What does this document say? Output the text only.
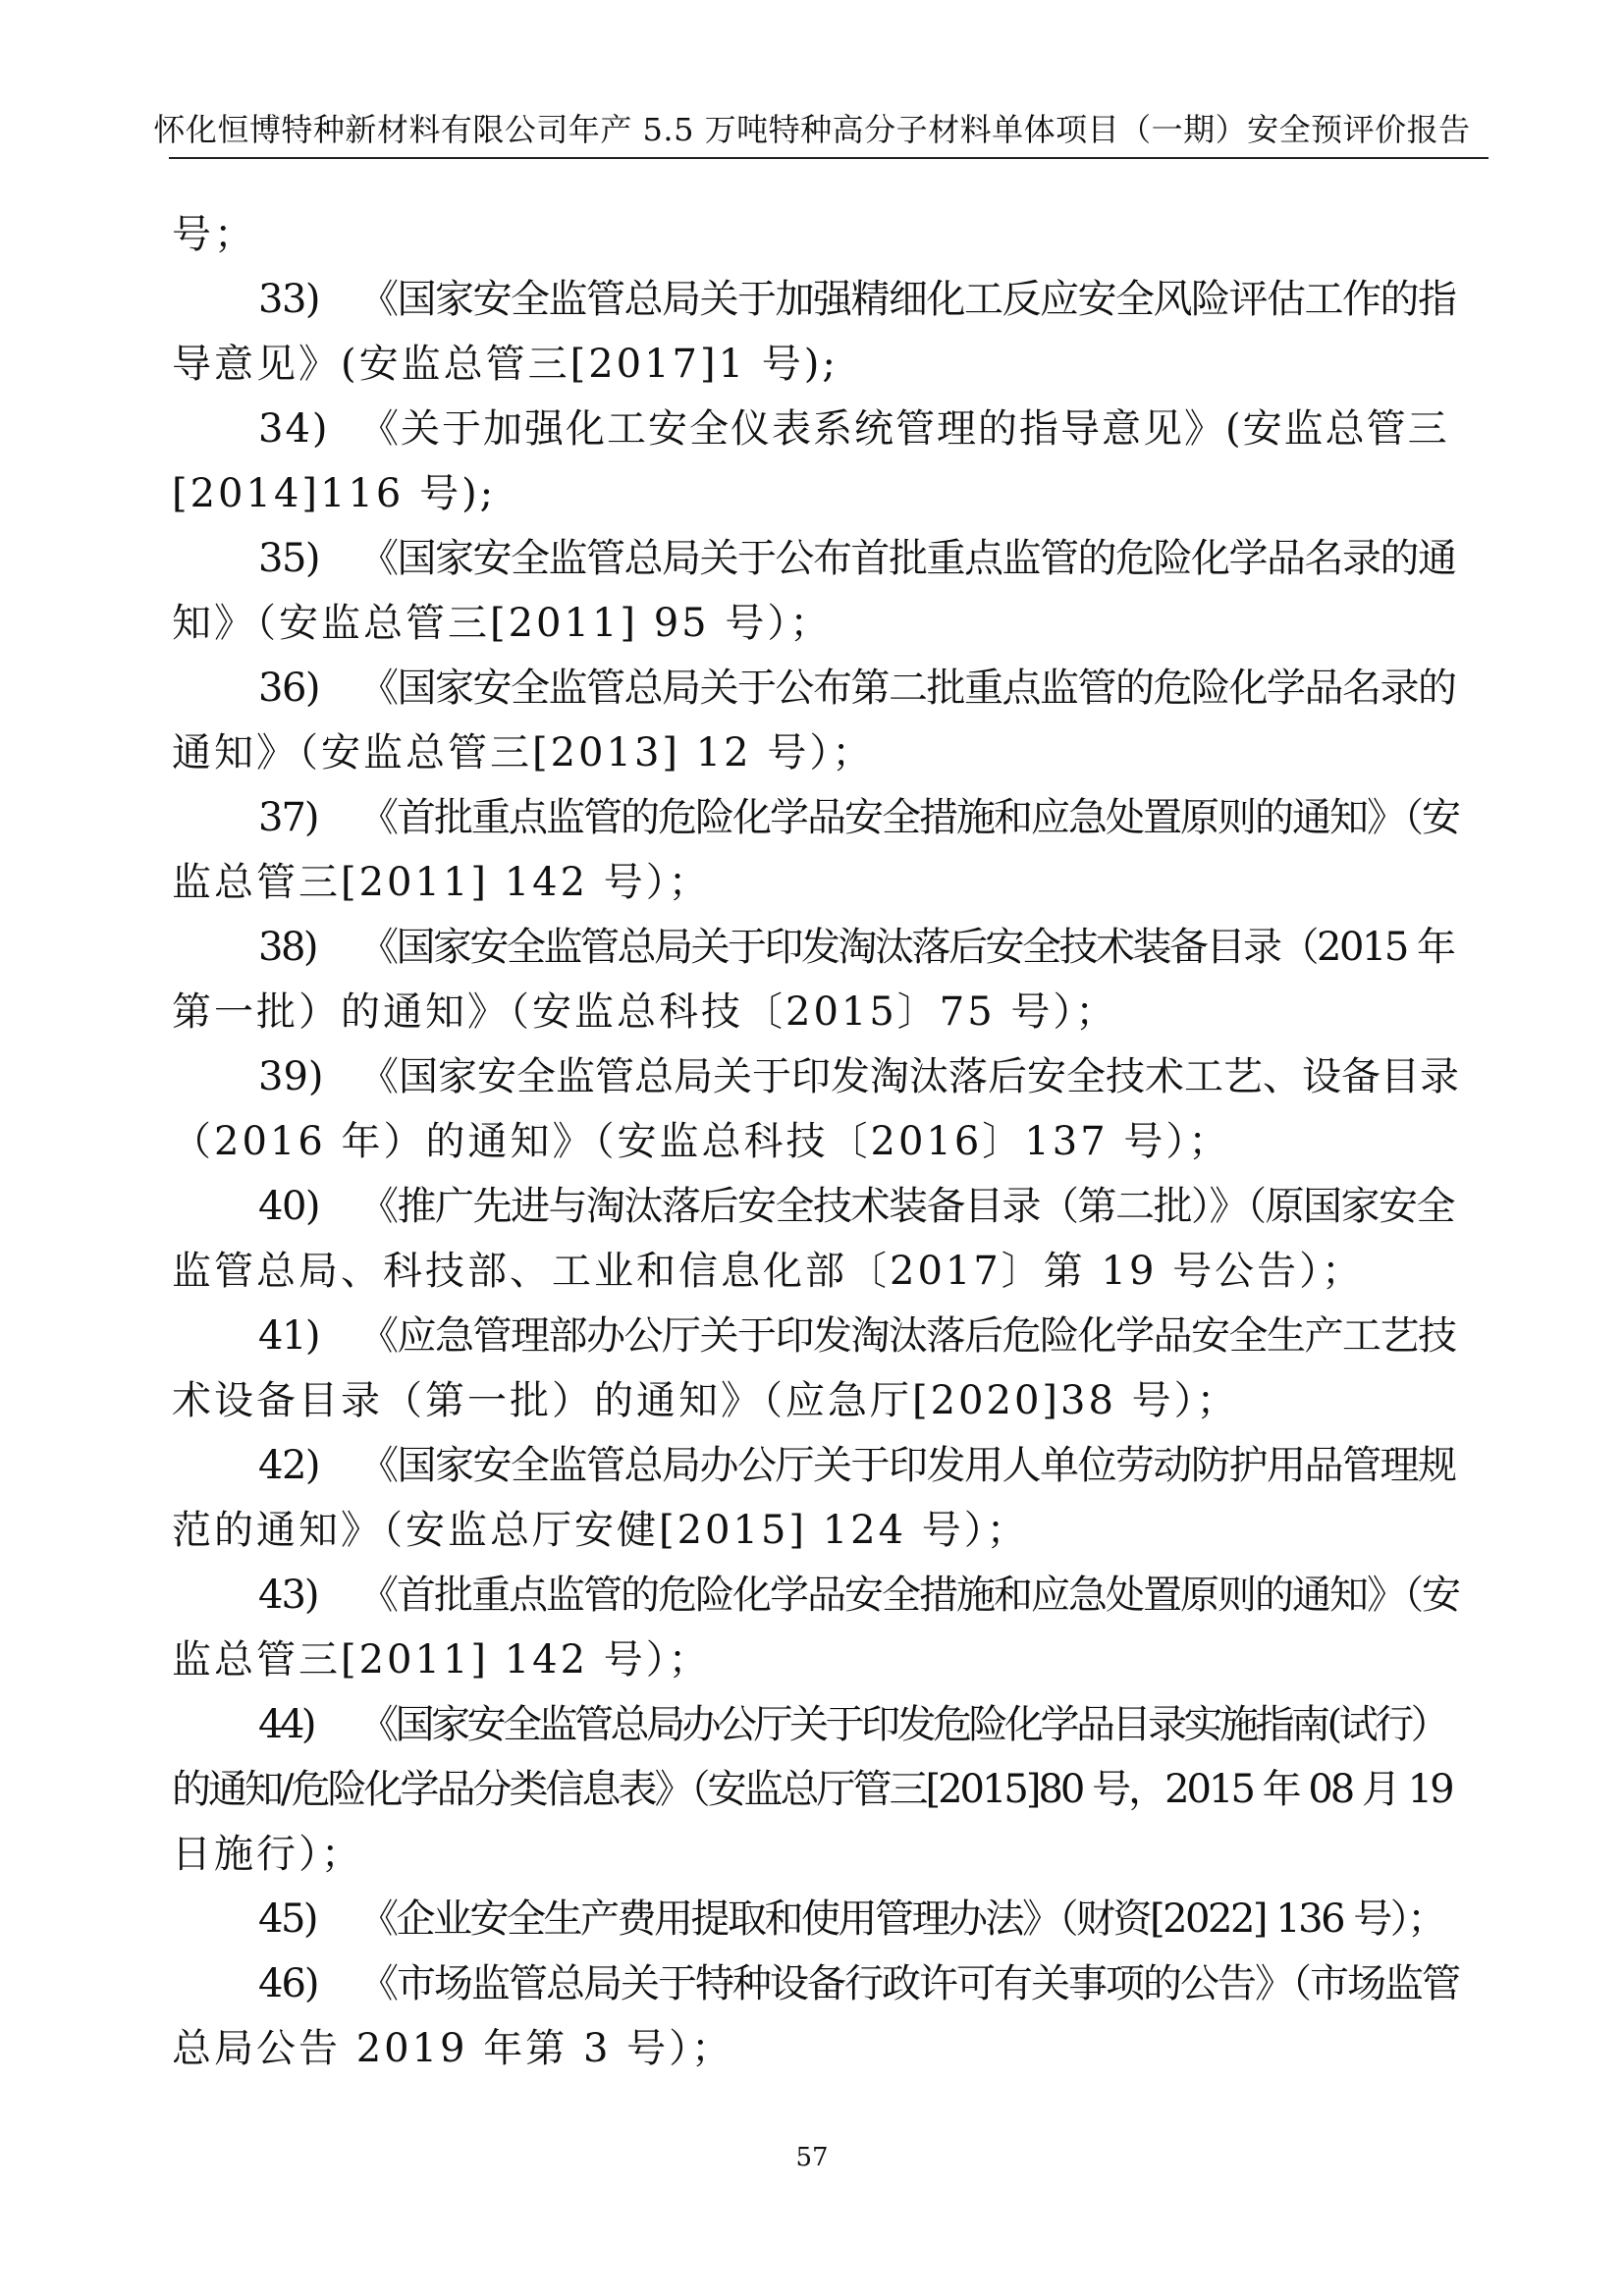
怀化恒博特种新材料有限公司年产 5.5 万吨特种高分子材料单体项目（一期）安全预评价报告
号；
33) 《国家安全监管总局关于加强精细化工反应安全风险评估工作的指
导意见》(安监总管三[2017]1 号);
34) 《关于加强化工安全仪表系统管理的指导意见》(安监总管三
[2014]116 号);
35) 《国家安全监管总局关于公布首批重点监管的危险化学品名录的通
知》（安监总管三[2011] 95 号）；
36) 《国家安全监管总局关于公布第二批重点监管的危险化学品名录的
通知》（安监总管三[2013] 12 号）；
37) 《首批重点监管的危险化学品安全措施和应急处置原则的通知》（安
监总管三[2011] 142 号）；
38) 《国家安全监管总局关于印发淘汰落后安全技术装备目录（2015 年
第一批）的通知》（安监总科技〔2015〕75 号）；
39) 《国家安全监管总局关于印发淘汰落后安全技术工艺、设备目录
（2016 年）的通知》（安监总科技〔2016〕137 号）；
40) 《推广先进与淘汰落后安全技术装备目录（第二批）》（原国家安全
监管总局、科技部、工业和信息化部〔2017〕第 19 号公告）；
41) 《应急管理部办公厅关于印发淘汰落后危险化学品安全生产工艺技
术设备目录（第一批）的通知》（应急厅[2020]38 号）；
42) 《国家安全监管总局办公厅关于印发用人单位劳动防护用品管理规
范的通知》（安监总厅安健[2015] 124 号）；
43) 《首批重点监管的危险化学品安全措施和应急处置原则的通知》（安
监总管三[2011] 142 号）；
44) 《国家安全监管总局办公厅关于印发危险化学品目录实施指南(试行）
的通知/危险化学品分类信息表》（安监总厅管三[2015]80 号，2015 年 08 月 19
日施行）；
45) 《企业安全生产费用提取和使用管理办法》（财资[2022] 136 号）；
46) 《市场监管总局关于特种设备行政许可有关事项的公告》（市场监管
总局公告 2019 年第 3 号）；
57
